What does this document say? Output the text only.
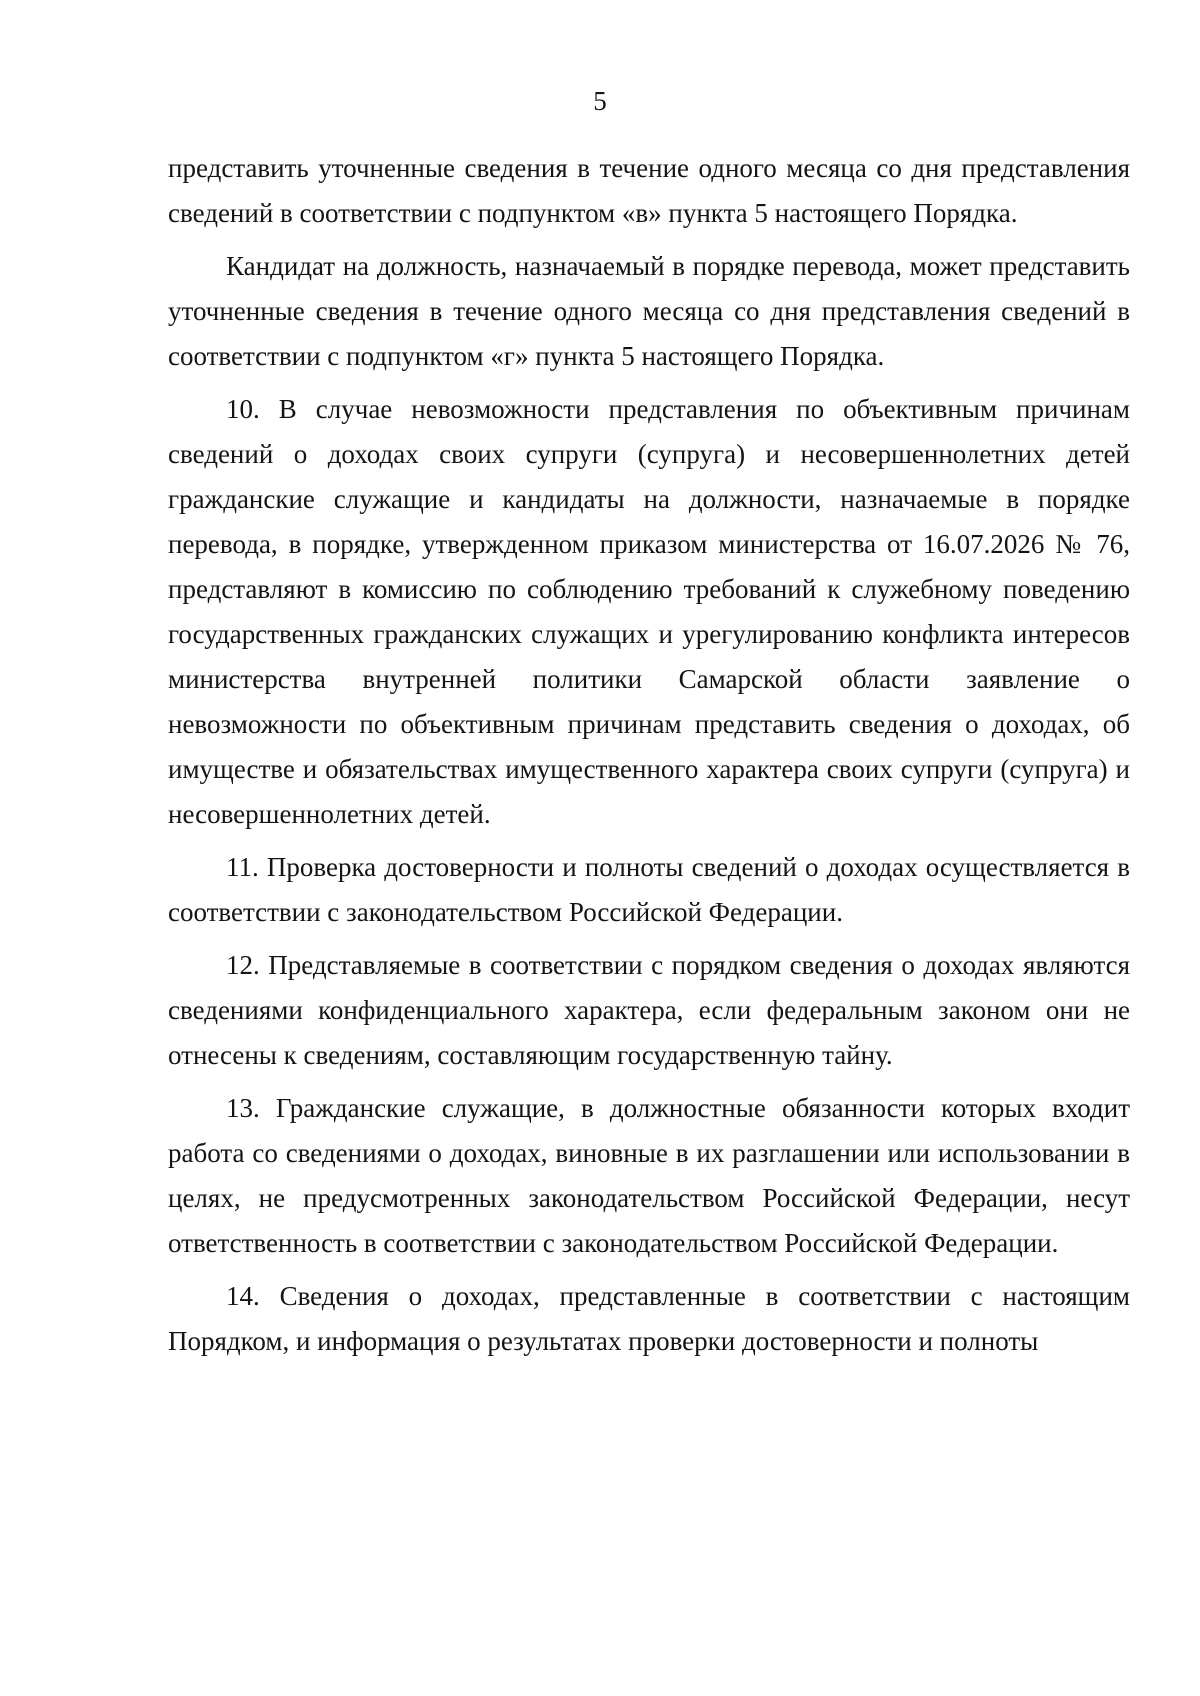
5

представить уточненные сведения в течение одного месяца со дня представления сведений в соответствии с подпунктом «в» пункта 5 настоящего Порядка.

Кандидат на должность, назначаемый в порядке перевода, может представить уточненные сведения в течение одного месяца со дня представления сведений в соответствии с подпунктом «г» пункта 5 настоящего Порядка.

10. В случае невозможности представления по объективным причинам сведений о доходах своих супруги (супруга) и несовершеннолетних детей гражданские служащие и кандидаты на должности, назначаемые в порядке перевода, в порядке, утвержденном приказом министерства от 16.07.2026 № 76, представляют в комиссию по соблюдению требований к служебному поведению государственных гражданских служащих и урегулированию конфликта интересов министерства внутренней политики Самарской области заявление о невозможности по объективным причинам представить сведения о доходах, об имуществе и обязательствах имущественного характера своих супруги (супруга) и несовершеннолетних детей.

11. Проверка достоверности и полноты сведений о доходах осуществляется в соответствии с законодательством Российской Федерации.

12. Представляемые в соответствии с порядком сведения о доходах являются сведениями конфиденциального характера, если федеральным законом они не отнесены к сведениям, составляющим государственную тайну.

13. Гражданские служащие, в должностные обязанности которых входит работа со сведениями о доходах, виновные в их разглашении или использовании в целях, не предусмотренных законодательством Российской Федерации, несут ответственность в соответствии с законодательством Российской Федерации.

14. Сведения о доходах, представленные в соответствии с настоящим Порядком, и информация о результатах проверки достоверности и полноты
